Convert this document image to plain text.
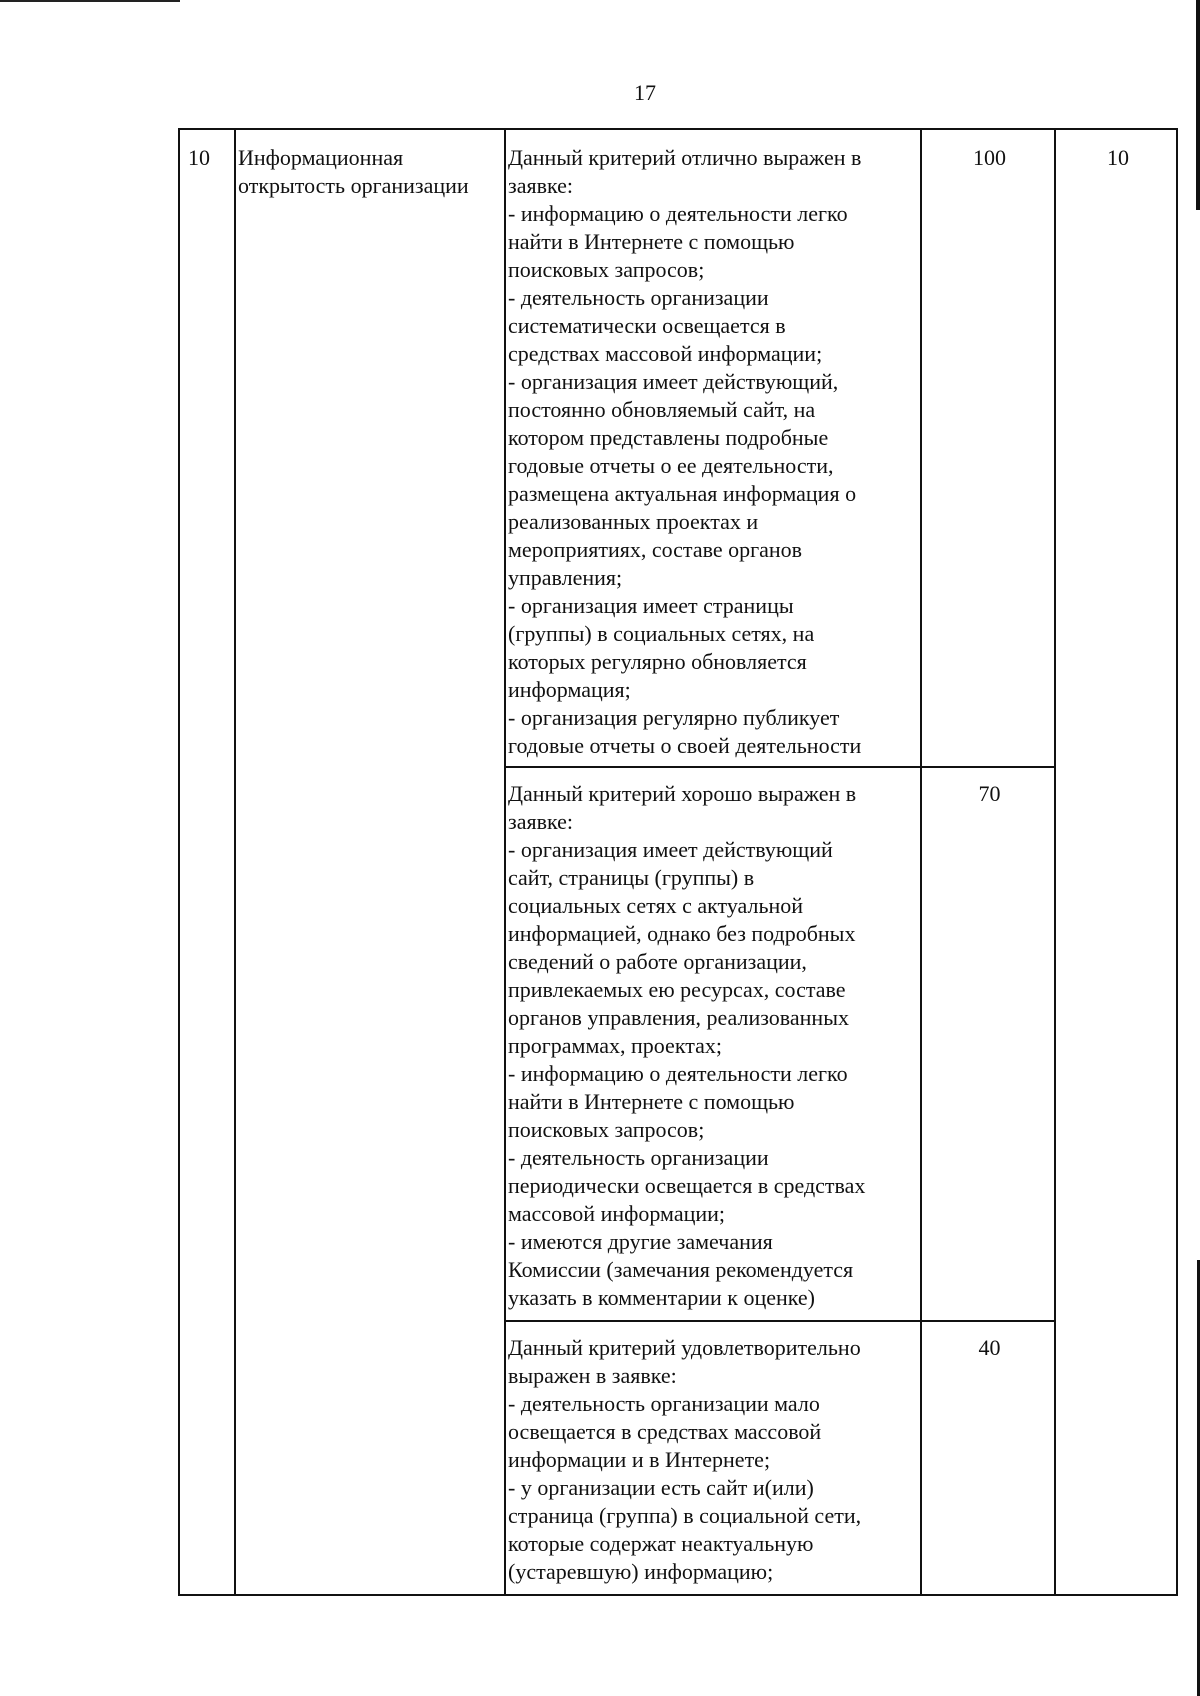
17
10 Информационная
открытость организации
10
Данный критерий отлично выражен в
заявке:
- информацию о деятельности легко
найти в Интернете с помощью
поисковых запросов;
- деятельность организации
систематически освещается в
средствах массовой информации;
- организация имеет действующий,
постоянно обновляемый сайт, на
котором представлены подробные
годовые отчеты о ее деятельности,
размещена актуальная информация о
реализованных проектах и
мероприятиях, составе органов
управления;
- организация имеет страницы
(группы) в социальных сетях, на
которых регулярно обновляется
информация;
- организация регулярно публикует
годовые отчеты о своей деятельности
100
Данный критерий хорошо выражен в
заявке:
- организация имеет действующий
сайт, страницы (группы) в
социальных сетях с актуальной
информацией, однако без подробных
сведений о работе организации,
привлекаемых ею ресурсах, составе
органов управления, реализованных
программах, проектах;
- информацию о деятельности легко
найти в Интернете с помощью
поисковых запросов;
- деятельность организации
периодически освещается в средствах
массовой информации;
- имеются другие замечания
Комиссии (замечания рекомендуется
указать в комментарии к оценке)
70
Данный критерий удовлетворительно
выражен в заявке:
- деятельность организации мало
освещается в средствах массовой
информации и в Интернете;
- у организации есть сайт и(или)
страница (группа) в социальной сети,
которые содержат неактуальную
(устаревшую) информацию;
40
